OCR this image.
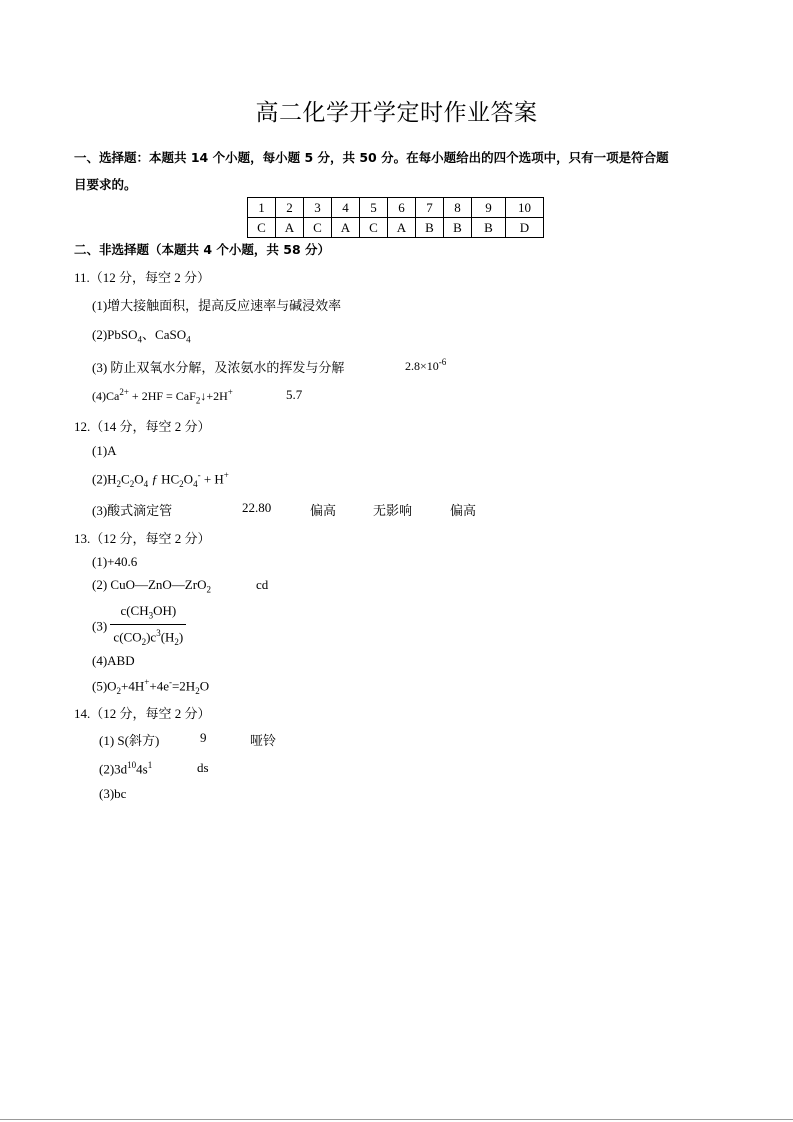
高二化学开学定时作业答案
一、选择题：本题共 14 个小题，每小题 5 分，共 50 分。在每小题给出的四个选项中，只有一项是符合题
目要求的。
1	2	3	4	5	6	7	8	9	10
C	A	C	A	C	A	B	B	B	D
二、非选择题（本题共 4 个小题，共 58 分）
11.（12 分，每空 2 分）
(1)增大接触面积，提高反应速率与碱浸效率
(2)PbSO$_4$、CaSO$_4$
(3) 防止双氧水分解，及浓氨水的挥发与分解	$2.8\times 10^{-6}$
$(4)Ca^{2+} + 2HF$ = CaF$_2$↓+2H+	5.7
12.（14 分，每空 2 分）
(1)A
$(2)H_2C_2O_4$ ƒ $HC_2O_4^- + H^+$
(3)酸式滴定管	22.80	偏高	无影响	偏高
13.（12 分，每空 2 分）
(1)+40.6
(2) CuO—ZnO—ZrO$_2$	cd
$(3) \frac{c(CH_3OH)}{c(CO_2)c^3(H_2)}$
(4)ABD
$(5)O_2+4H^++4e^-=2H_2O$
14.（12 分，每空 2 分）
(1) S(斜方)	9	哑铃
$(2)3d^{10}4s^1$	ds
(3)bc
